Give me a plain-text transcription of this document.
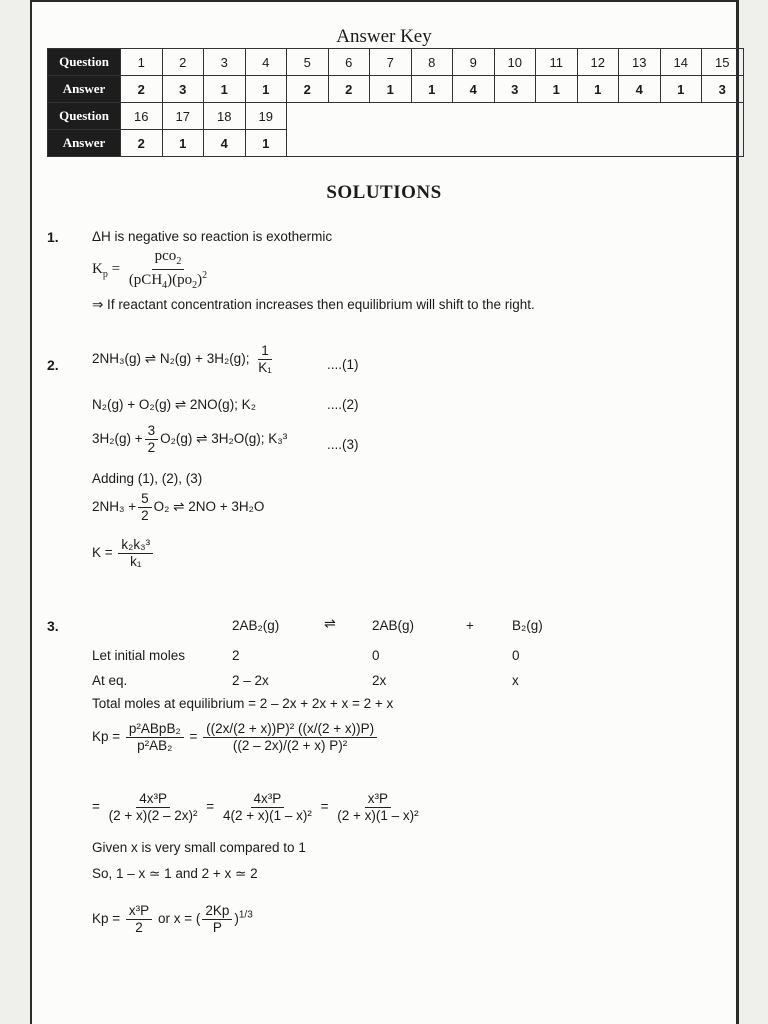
Answer Key
Question	1	2	3	4	5	6	7	8	9	10	11	12	13	14	15
Answer	2	3	1	1	2	2	1	1	4	3	1	1	4	1	3
Question	16	17	18	19											
Answer	2	1	4	1											
SOLUTIONS
1. ΔH is negative so reaction is exothermic
$K_p = \frac{pco_2}{(pCH_4)(po_2)^2}$
⇒ If reactant concentration increases then equilibrium will shift to the right.
2. 2NH₃(g) ⇌ N₂(g) + 3H₂(g); $\frac{1}{\text{K₁}}$	....(1)
N₂(g) + O₂(g) ⇌ 2NO(g); K₂	....(2)
$3H_2(g) + \frac{3}{2} O_2(g)$ ⇌ 3H₂O(g); K₃³	....(3)
Adding (1), (2), (3)
$2NH_3 + \frac{5}{2} O_2$ ⇌ 2NO + 3H₂O
$K = \frac{\text{k₂k₃³}}{\text{k₁}}$
3.	2AB₂(g)	⇌	2AB(g)	+	B₂(g)
Let initial moles	2	0	0
At eq.	2 – 2x	2x	x
Total moles at equilibrium = 2 – 2x + 2x + x = 2 + x
$Kp = \frac{\text{p²ABpB₂}}{\text{p²AB₂}} = \frac{\text{((2x/(2 + x))P)² ((x/(2 + x))P)}}{\text{((2 – 2x)/(2 + x) P)²}}$
= $\frac{\text{4x³P}}{\text{(2 + x)(2 – 2x)²}} = \frac{\text{4x³P}}{\text{4(2 + x)(1 – x)²}} = \frac{\text{x³P}}{\text{(2 + x)(1 – x)²}}$
Given x is very small compared to 1
So, 1 – x ≃ 1 and 2 + x ≃ 2
$Kp = \frac{\text{x³P}}{2}$ or x = ( $\frac{2Kp}{P} )^{1/3}$
